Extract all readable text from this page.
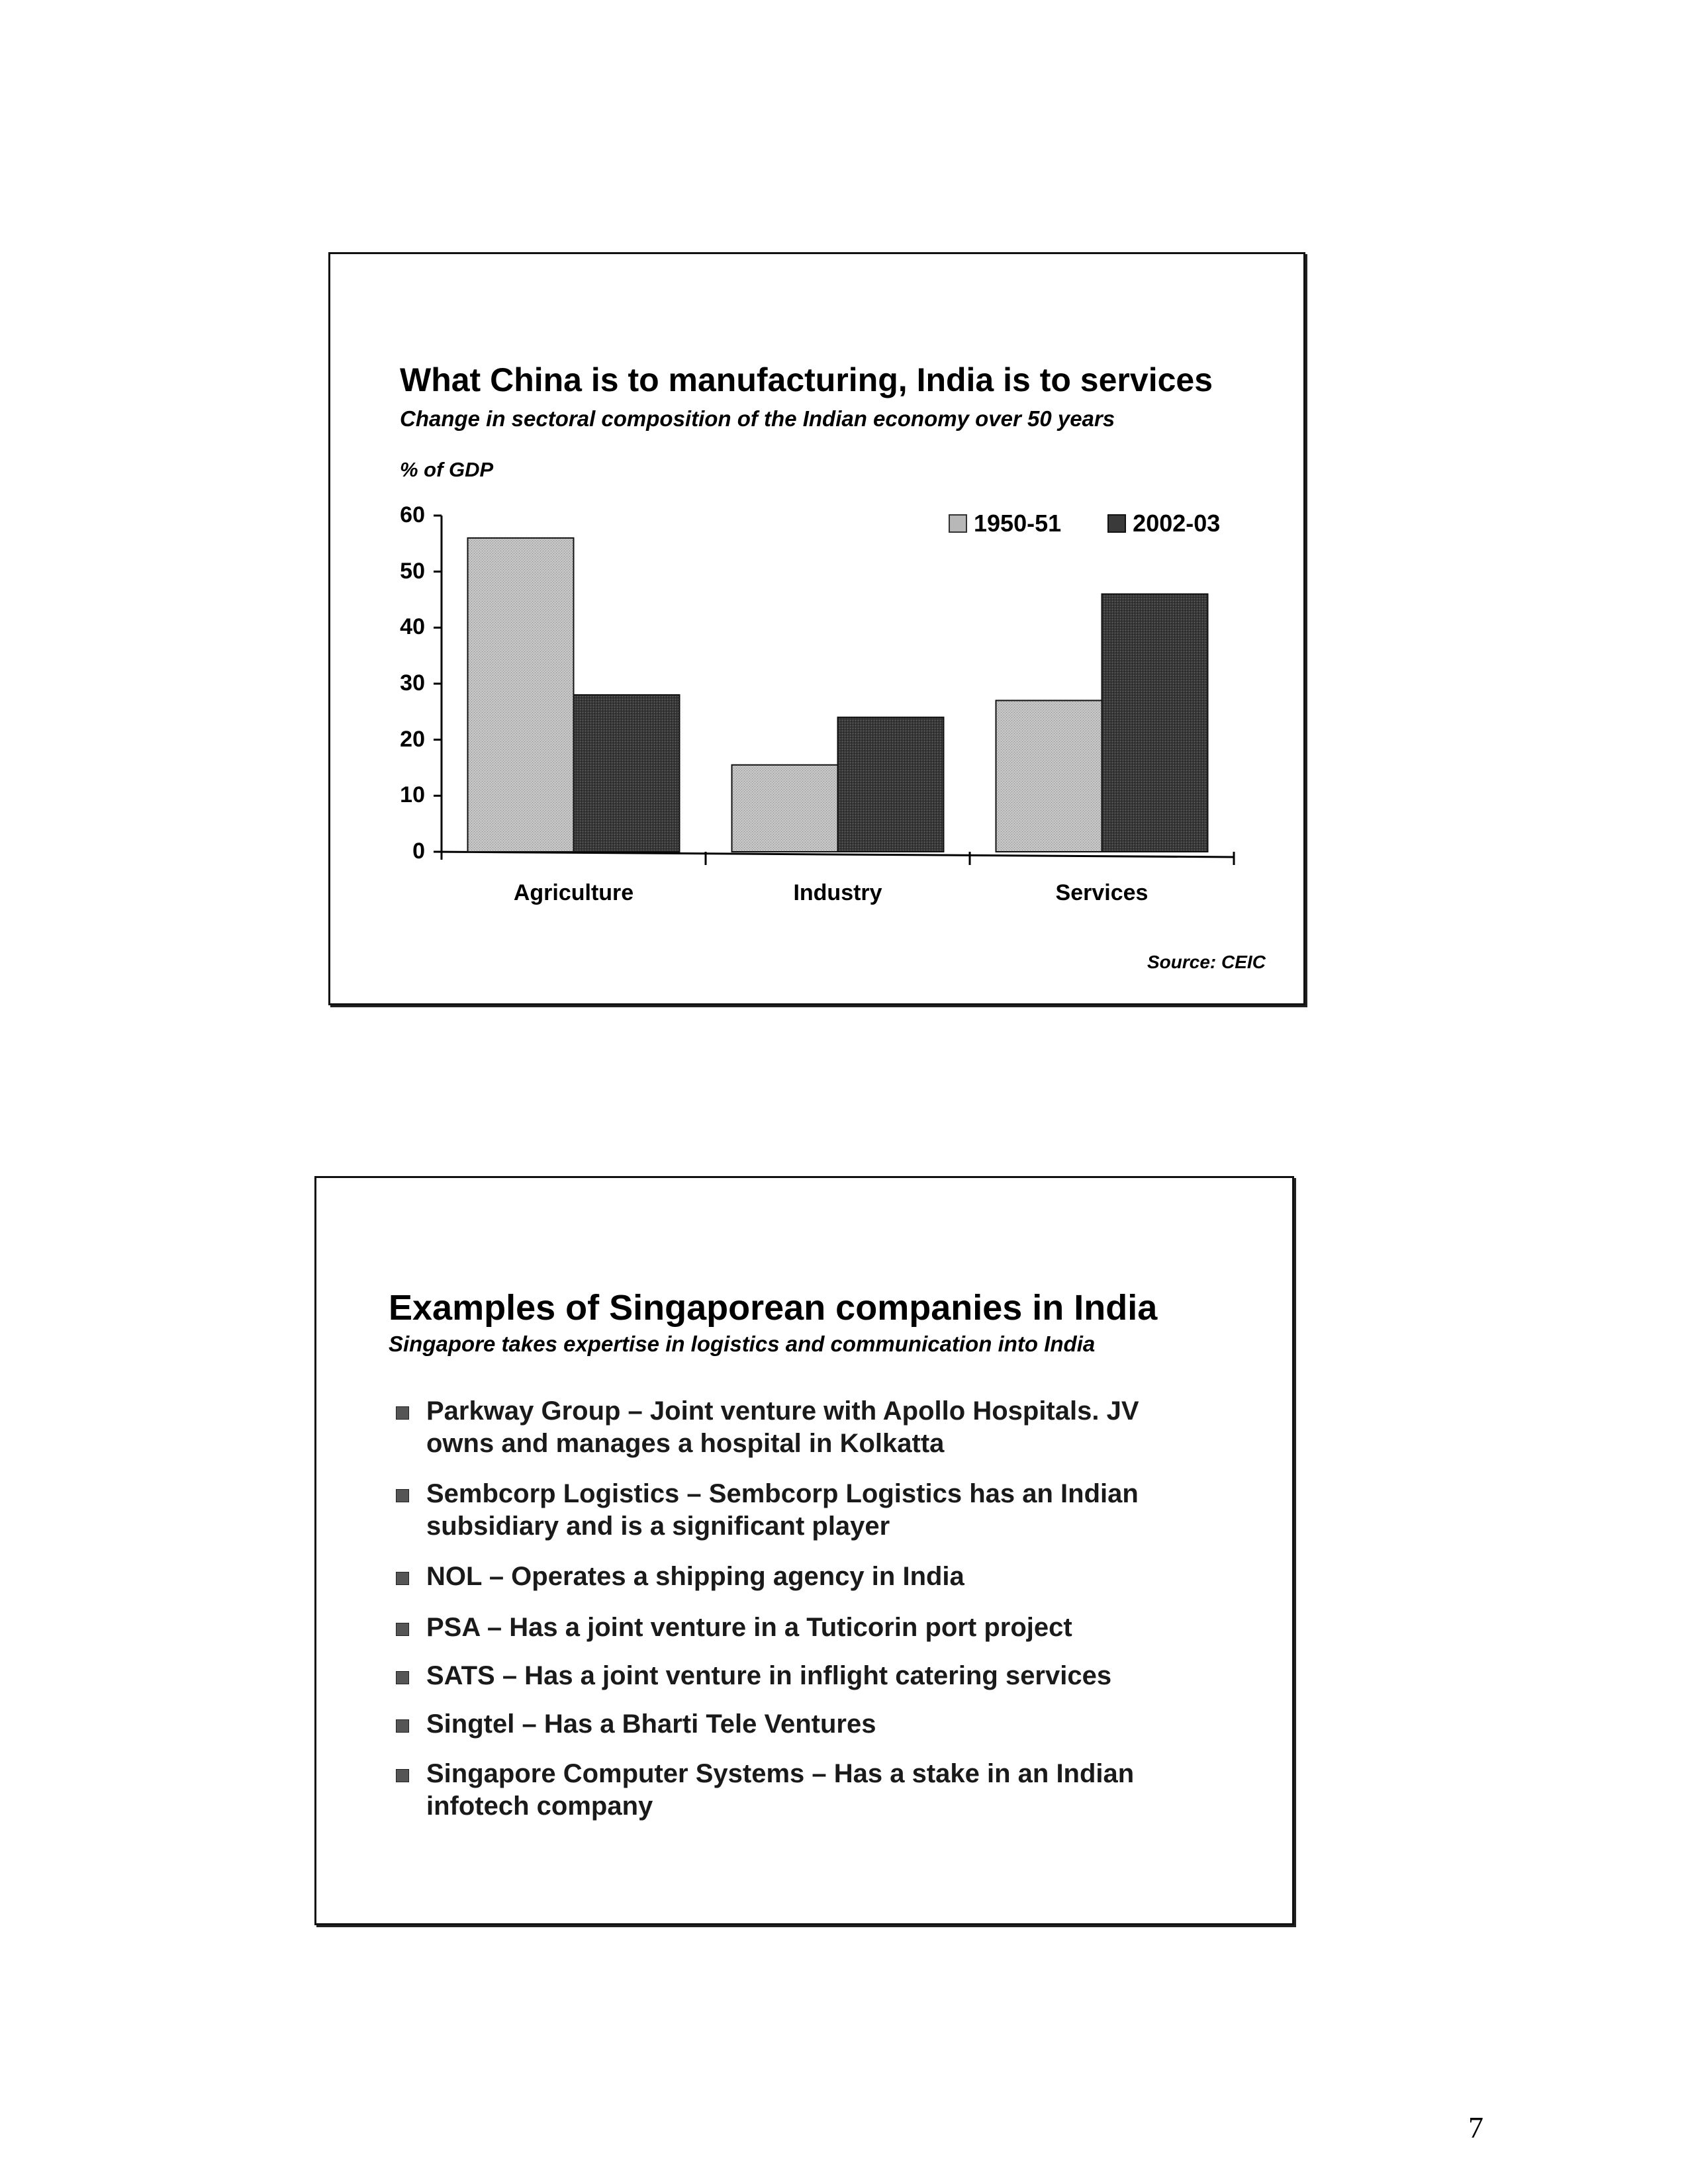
What China is to manufacturing, India is to services
Change in sectoral composition of the Indian economy over 50 years
% of GDP
0
10
20
30
40
50
60
Agriculture	Industry	Services
1950-51	2002-03
Source: CEIC
Examples of Singaporean companies in India
Singapore takes expertise in logistics and communication into India
Parkway Group – Joint venture with Apollo Hospitals. JV
owns and manages a hospital in Kolkatta
Sembcorp Logistics – Sembcorp Logistics has an Indian
subsidiary and is a significant player
NOL – Operates a shipping agency in India
PSA – Has a joint venture in a Tuticorin port project
SATS – Has a joint venture in inflight catering services
Singtel – Has a Bharti Tele Ventures
Singapore Computer Systems – Has a stake in an Indian
infotech company
7
